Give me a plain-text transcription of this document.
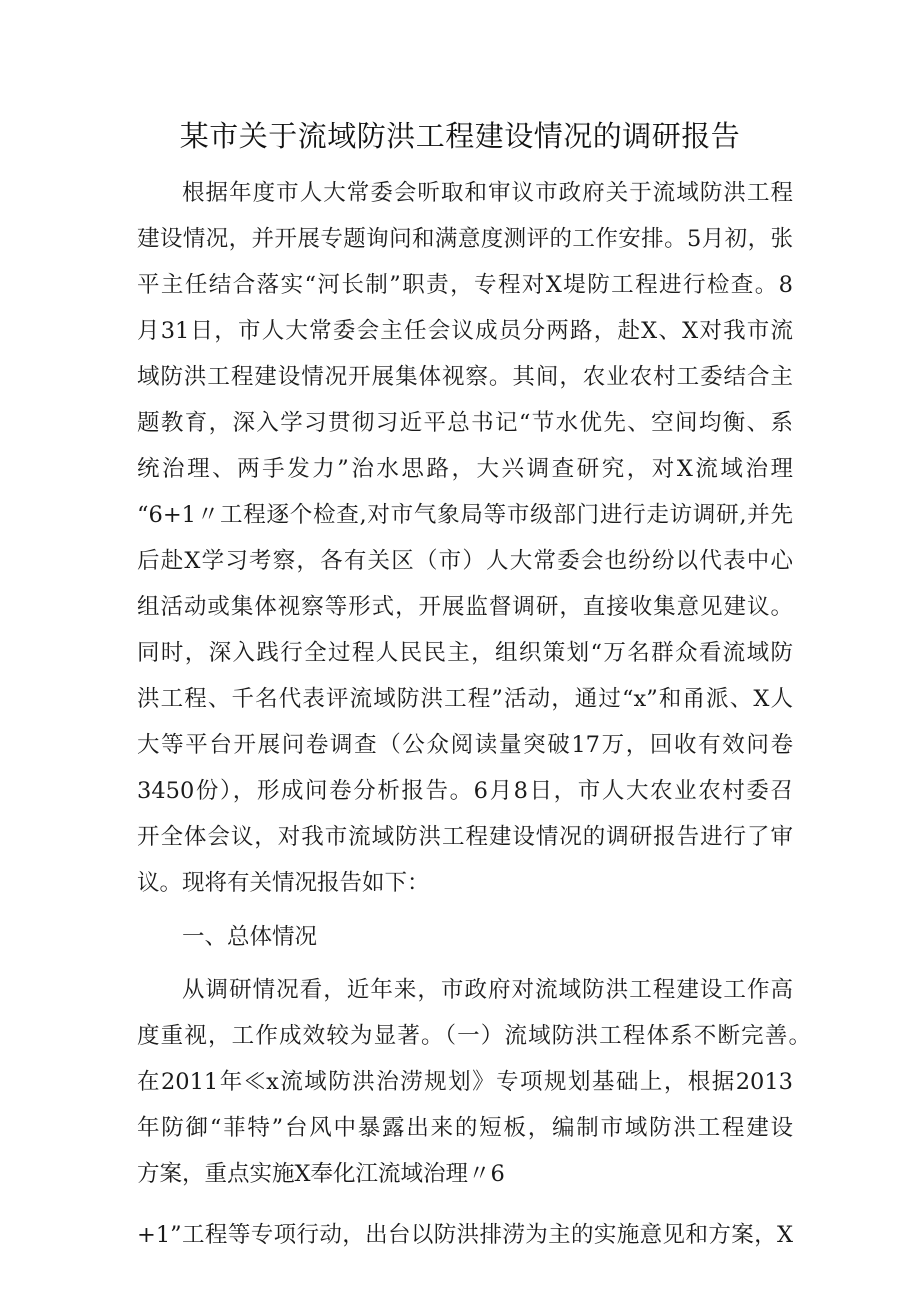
某市关于流域防洪工程建设情况的调研报告
根据年度市人大常委会听取和审议市政府关于流域防洪工程
建设情况，并开展专题询问和满意度测评的工作安排。5月初，张
平主任结合落实“河长制”职责，专程对X堤防工程进行检查。8
月31日，市人大常委会主任会议成员分两路，赴X、X对我市流
域防洪工程建设情况开展集体视察。其间，农业农村工委结合主
题教育，深入学习贯彻习近平总书记“节水优先、空间均衡、系
统治理、两手发力”治水思路，大兴调查研究，对X流域治理
“6+1〃工程逐个检查,对市气象局等市级部门进行走访调研,并先
后赴X学习考察，各有关区（市）人大常委会也纷纷以代表中心
组活动或集体视察等形式，开展监督调研，直接收集意见建议。
同时，深入践行全过程人民民主，组织策划“万名群众看流域防
洪工程、千名代表评流域防洪工程”活动，通过“x”和甬派、X人
大等平台开展问卷调查（公众阅读量突破17万，回收有效问卷
3450份），形成问卷分析报告。6月8日，市人大农业农村委召
开全体会议，对我市流域防洪工程建设情况的调研报告进行了审
议。现将有关情况报告如下：
一、总体情况
从调研情况看，近年来，市政府对流域防洪工程建设工作高
度重视，工作成效较为显著。（一）流域防洪工程体系不断完善。
在2011年≪x流域防洪治涝规划》专项规划基础上，根据2013
年防御“菲特”台风中暴露出来的短板，编制市域防洪工程建设
方案，重点实施X奉化江流域治理〃6
+1”工程等专项行动，出台以防洪排涝为主的实施意见和方案，X
